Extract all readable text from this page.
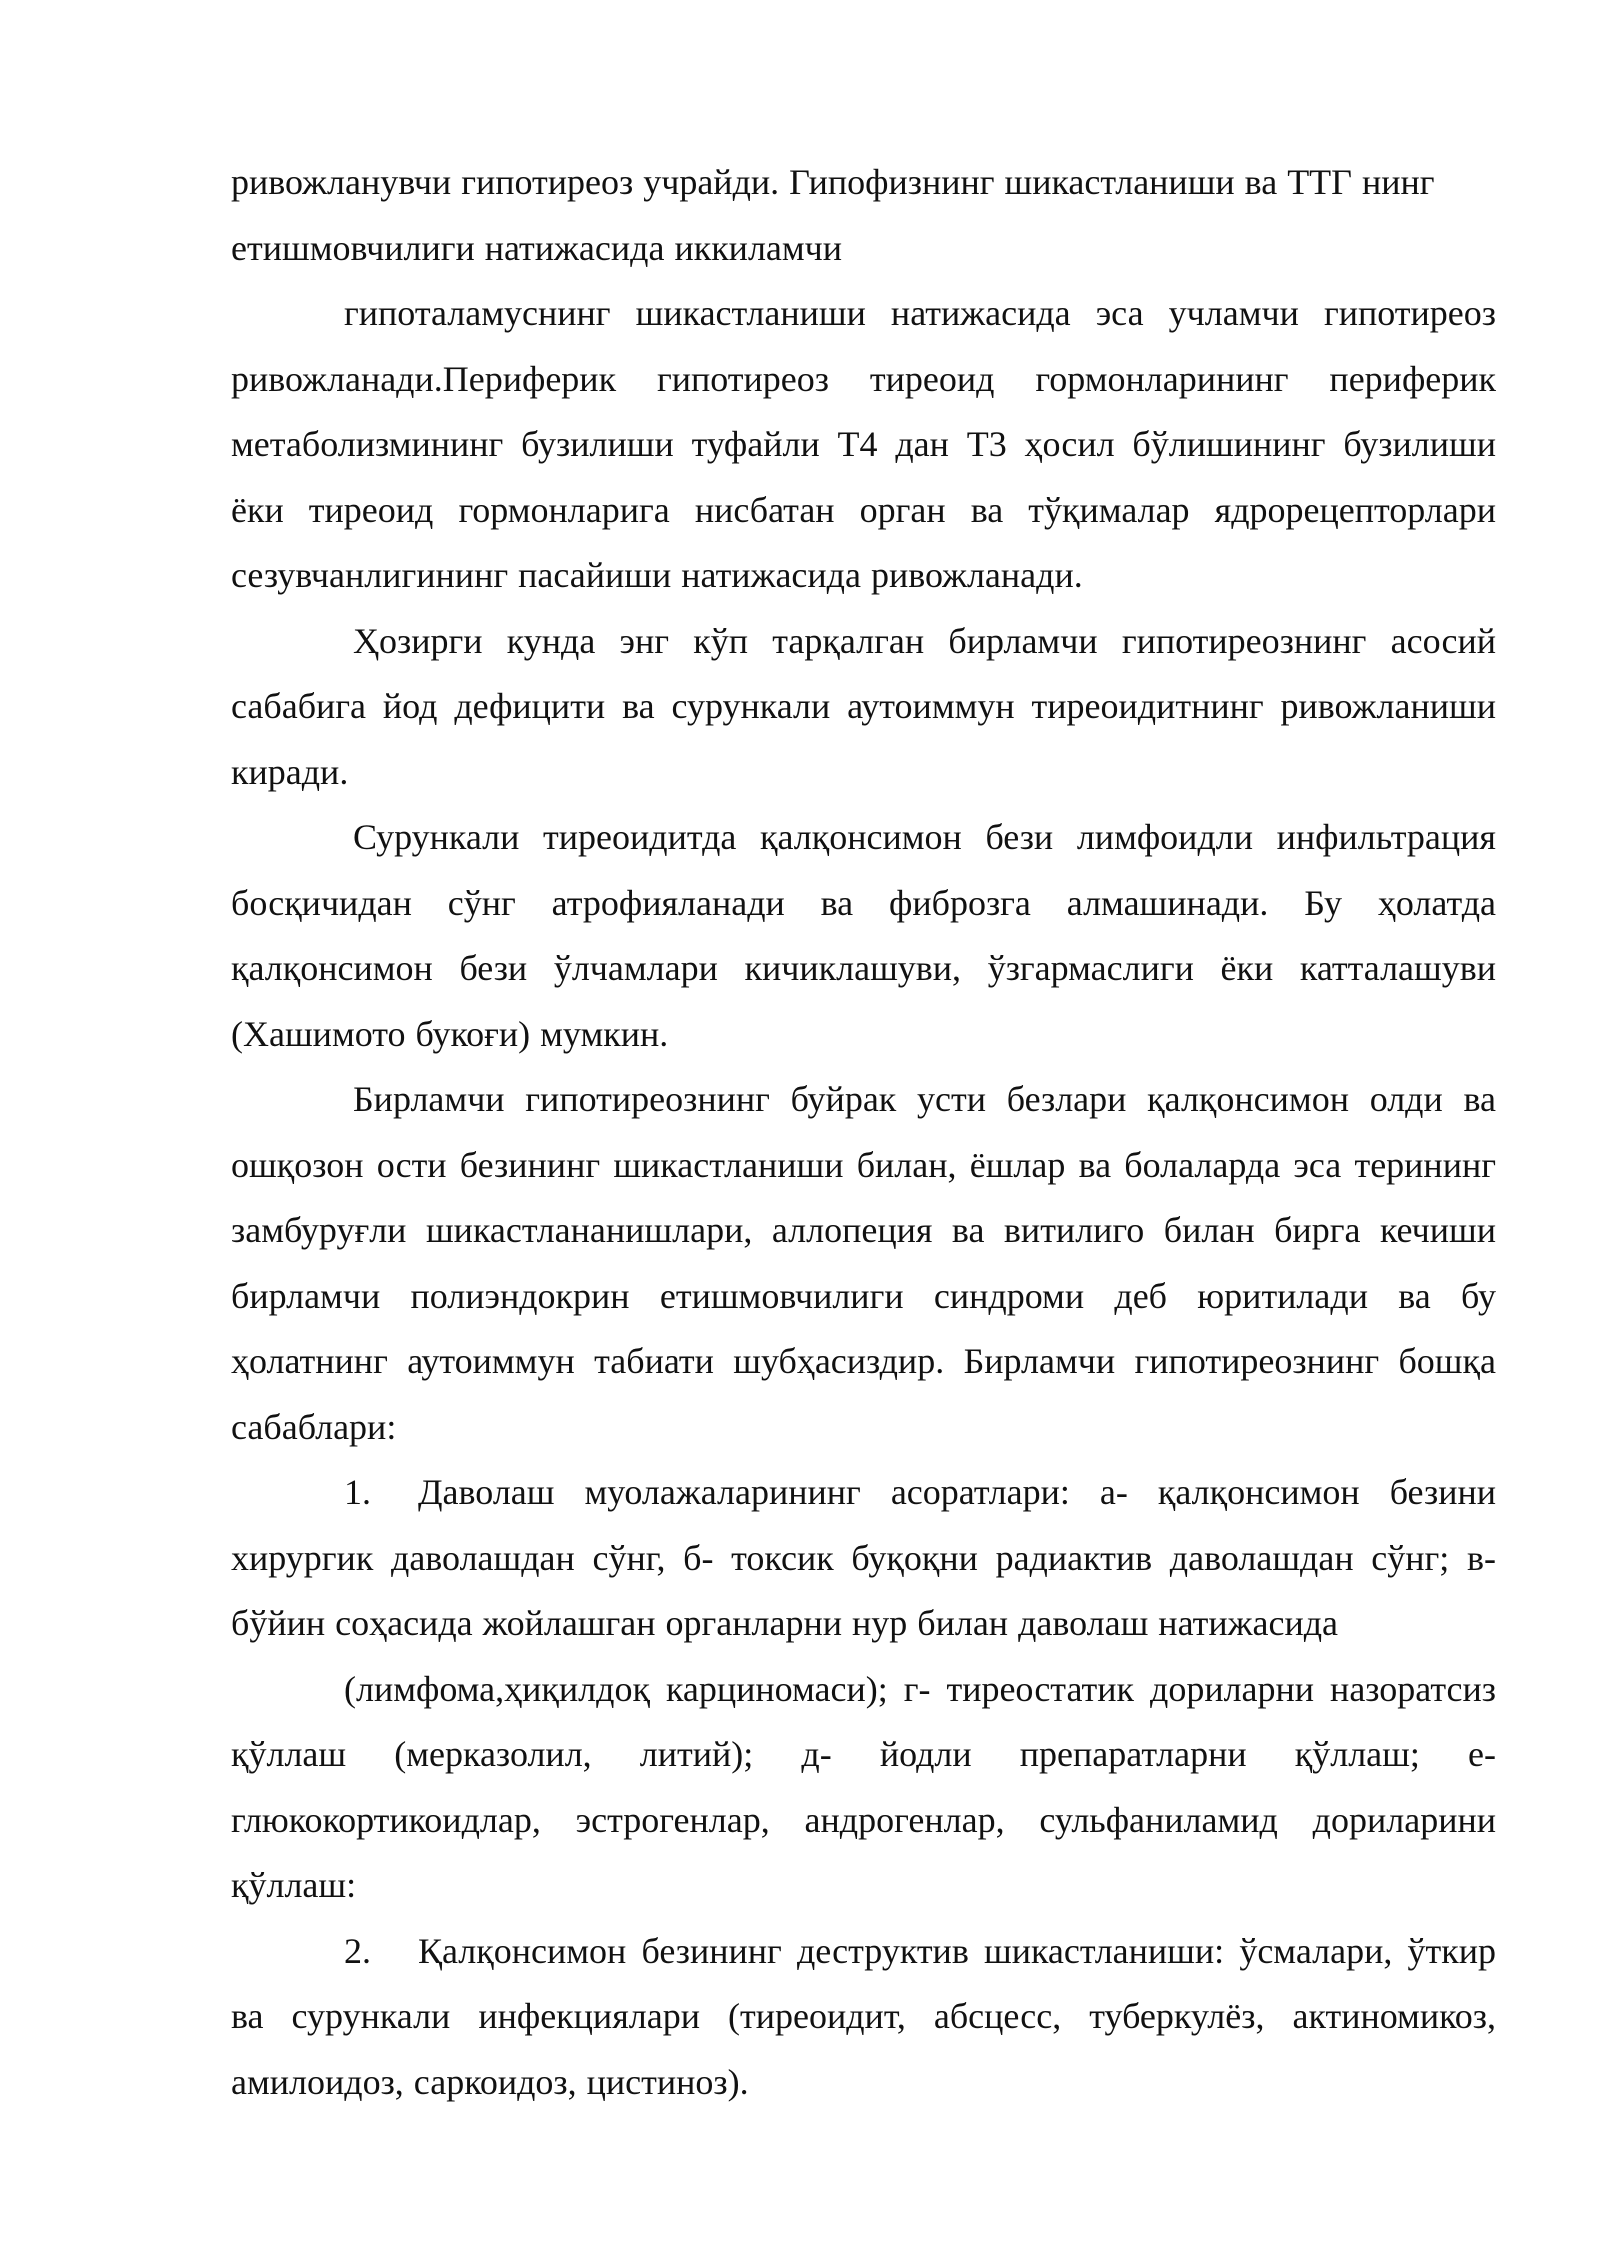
ривожланувчи гипотиреоз учрайди. Гипофизнинг шикастланиши ва ТТГ нинг етишмовчилиги натижасида иккиламчи

гипоталамуснинг шикастланиши натижасида эса учламчи гипотиреоз ривожланади.Периферик гипотиреоз тиреоид гормонларининг периферик метаболизмининг бузилиши туфайли Т4 дан Т3 ҳосил бўлишининг бузилиши ёки тиреоид гормонларига нисбатан орган ва тўқималар ядрорецепторлари сезувчанлигининг пасайиши натижасида ривожланади.

Ҳозирги кунда энг кўп тарқалган бирламчи гипотиреознинг асосий сабабига йод дефицити ва сурункали аутоиммун тиреоидитнинг ривожланиши киради.

Сурункали тиреоидитда қалқонсимон бези лимфоидли инфильтрация босқичидан сўнг атрофияланади ва фиброзга алмашинади. Бу ҳолатда қалқонсимон бези ўлчамлари кичиклашуви, ўзгармаслиги ёки катталашуви (Хашимото букоғи) мумкин.

Бирламчи гипотиреознинг буйрак усти безлари қалқонсимон олди ва ошқозон ости безининг шикастланиши билан, ёшлар ва болаларда эса терининг замбуруғли шикастлананишлари, аллопеция ва витилиго билан бирга кечиши бирламчи полиэндокрин етишмовчилиги синдроми деб юритилади ва бу ҳолатнинг аутоиммун табиати шубҳасиздир. Бирламчи гипотиреознинг бошқа сабаблари:

1. Даволаш муолажаларининг асоратлари: а- қалқонсимон безини хирургик даволашдан сўнг, б- токсик буқоқни радиактив даволашдан сўнг; в-бўйин соҳасида жойлашган органларни нур билан даволаш натижасида

(лимфома,ҳиқилдоқ карциномаси); г- тиреостатик дориларни назоратсиз қўллаш (мерказолил, литий); д- йодли препаратларни қўллаш; е-глюкокортикоидлар, эстрогенлар, андрогенлар, сульфаниламид дориларини қўллаш:

2. Қалқонсимон безининг деструктив шикастланиши: ўсмалари, ўткир ва сурункали инфекциялари (тиреоидит, абсцесс, туберкулёз, актиномикоз, амилоидоз, саркоидоз, цистиноз).
